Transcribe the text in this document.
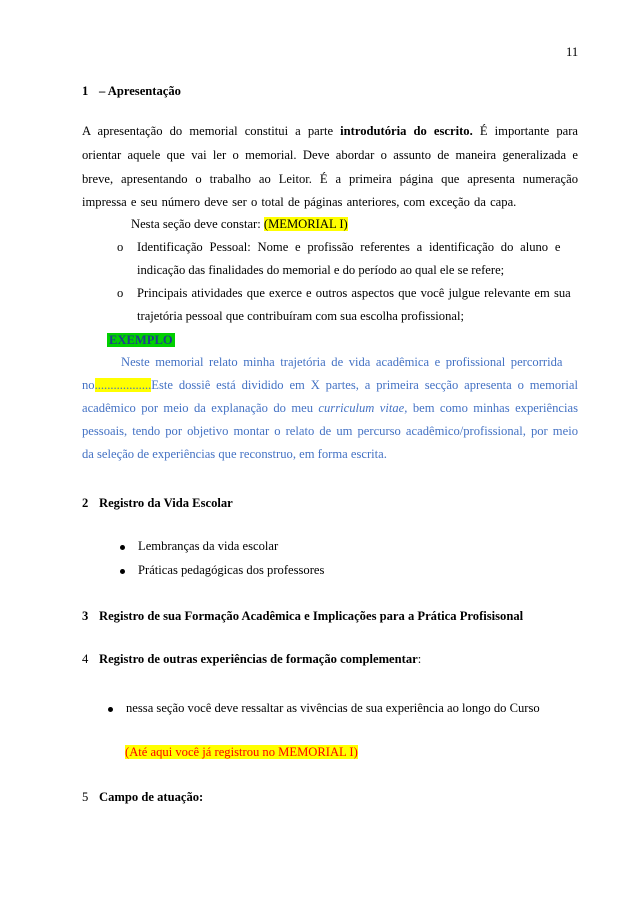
11
1 – Apresentação
A apresentação do memorial constitui a parte introdutória do escrito. É importante para
orientar aquele que vai ler o memorial. Deve abordar o assunto de maneira generalizada e
breve, apresentando o trabalho ao Leitor. É a primeira página que apresenta numeração
impressa e seu número deve ser o total de páginas anteriores, com exceção da capa.
Nesta seção deve constar: (MEMORIAL I)
o Identificação Pessoal: Nome e profissão referentes a identificação do aluno e
indicação das finalidades do memorial e do período ao qual ele se refere;
o Principais atividades que exerce e outros aspectos que você julgue relevante em sua
trajetória pessoal que contribuíram com sua escolha profissional;
EXEMPLO
Neste memorial relato minha trajetória de vida acadêmica e profissional percorrida
no..................Este dossiê está dividido em X partes, a primeira secção apresenta o memorial
acadêmico por meio da explanação do meu curriculum vitae, bem como minhas experiências
pessoais, tendo por objetivo montar o relato de um percurso acadêmico/profissional, por meio
da seleção de experiências que reconstruo, em forma escrita.
2 Registro da Vida Escolar
Lembranças da vida escolar
Práticas pedagógicas dos professores
3 Registro de sua Formação Acadêmica e Implicações para a Prática Profisisonal
4 Registro de outras experiências de formação complementar:
nessa seção você deve ressaltar as vivências de sua experiência ao longo do Curso
(Até aqui você já registrou no MEMORIAL I)
5 Campo de atuação:
